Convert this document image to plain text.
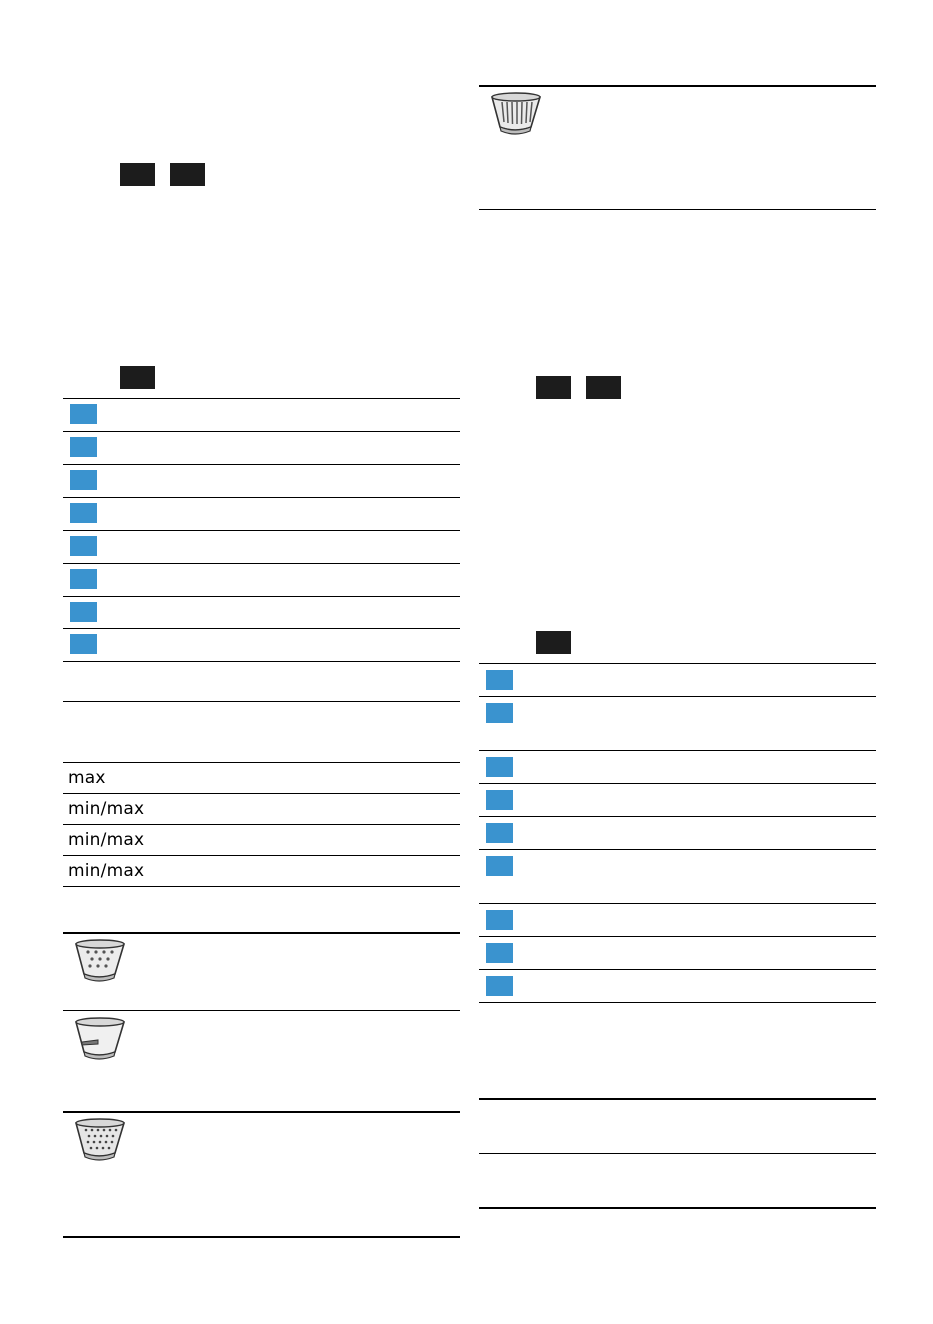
max
min/max
min/max
min/max
